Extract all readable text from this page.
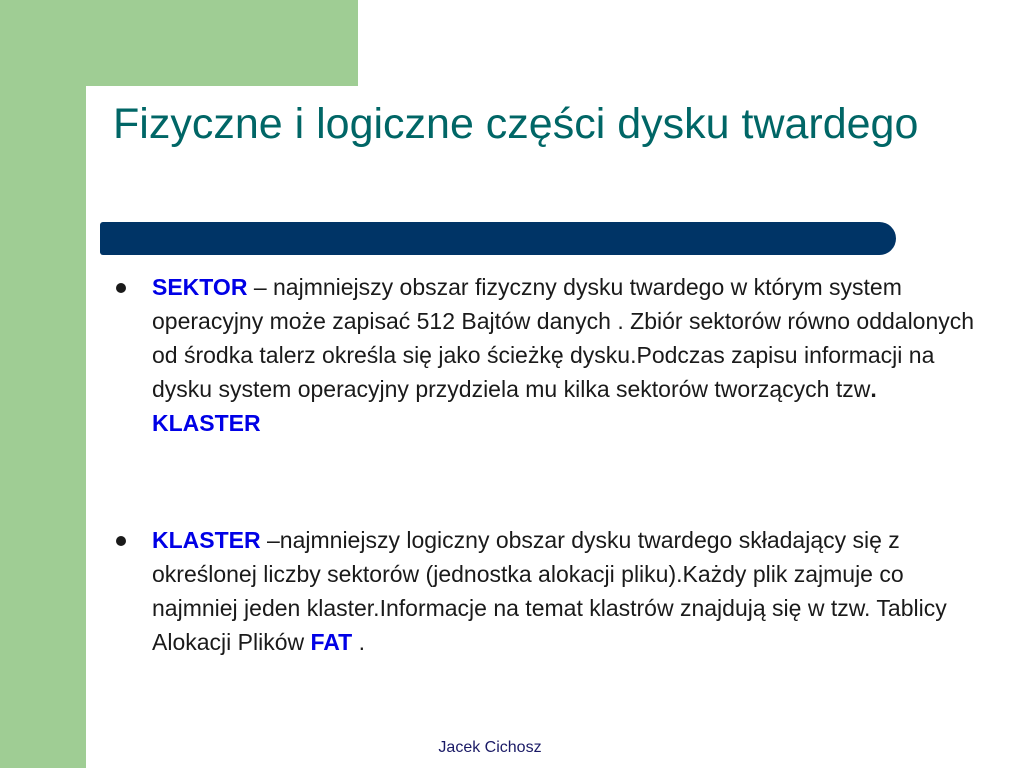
Fizyczne i logiczne części dysku twardego
SEKTOR – najmniejszy obszar fizyczny dysku twardego w którym system operacyjny może zapisać 512 Bajtów danych . Zbiór sektorów równo oddalonych od środka talerz określa się jako ścieżkę dysku.Podczas zapisu informacji na dysku system operacyjny przydziela mu kilka sektorów tworzących tzw.
KLASTER
KLASTER –najmniejszy logiczny obszar dysku twardego składający się z określonej liczby sektorów (jednostka alokacji pliku).Każdy plik zajmuje co najmniej jeden klaster.Informacje na temat klastrów znajdują się w tzw. Tablicy Alokacji Plików FAT .
Jacek Cichosz
